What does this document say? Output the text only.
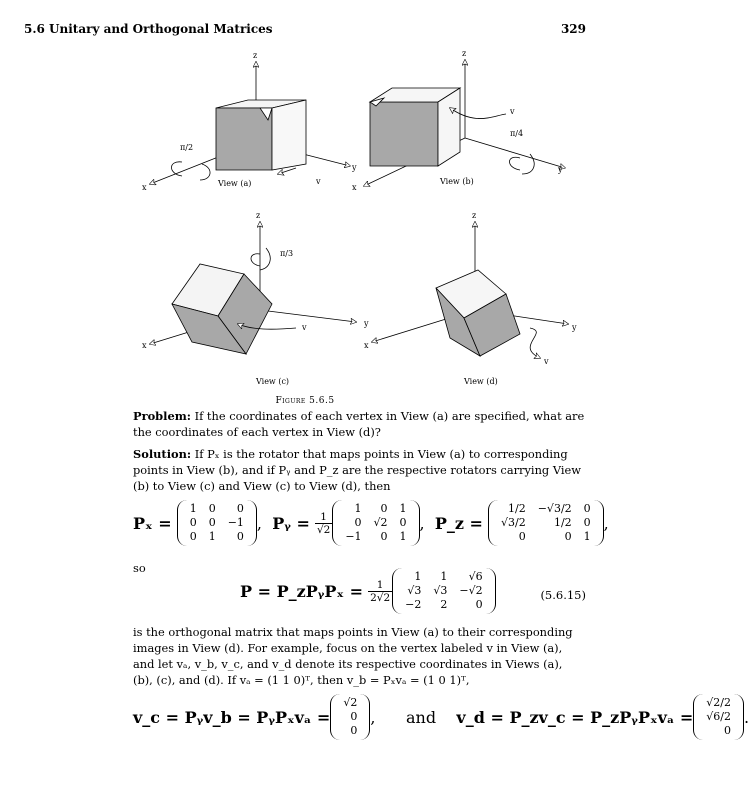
5.6 Unitary and Orthogonal Matrices	329
z
y
x
v
π/2
View (a)
z
y
x
v
π/4
View (b)
z
y
x
v
π/3
View (c)
z
y
x
v
View (d)
Figure 5.6.5
Problem: If the coordinates of each vertex in View (a) are specified, what are the coordinates of each vertex in View (d)?
Solution: If Pₓ is the rotator that maps points in View (a) to corresponding points in View (b), and if Pᵧ and P_z are the respective rotators carrying View (b) to View (c) and View (c) to View (d), then
Pₓ =

1	0	0
0	0	−1
0	1	0
, Pᵧ =
$\frac{1}{√2}$
1	0	1
0	√2	0
−1	0	1
, P_z =

1/2	−√3/2	0
√3/2	1/2	0
0	0	1
,
so
P = P_zPᵧPₓ =
$\frac{1}{2√2}$
1	1	√6
√3	√3	−√2
−2	2	0
(5.6.15)
is the orthogonal matrix that maps points in View (a) to their corresponding images in View (d). For example, focus on the vertex labeled v in View (a), and let vₐ, v_b, v_c, and v_d denote its respective coordinates in Views (a), (b), (c), and (d). If vₐ = (1 1 0)ᵀ, then v_b = Pₓvₐ = (1 0 1)ᵀ,
v_c = Pᵧv_b = PᵧPₓvₐ =
√2
0
0
, and
v_d = P_zv_c = P_zPᵧPₓvₐ =
√2/2
√6/2
0
.
